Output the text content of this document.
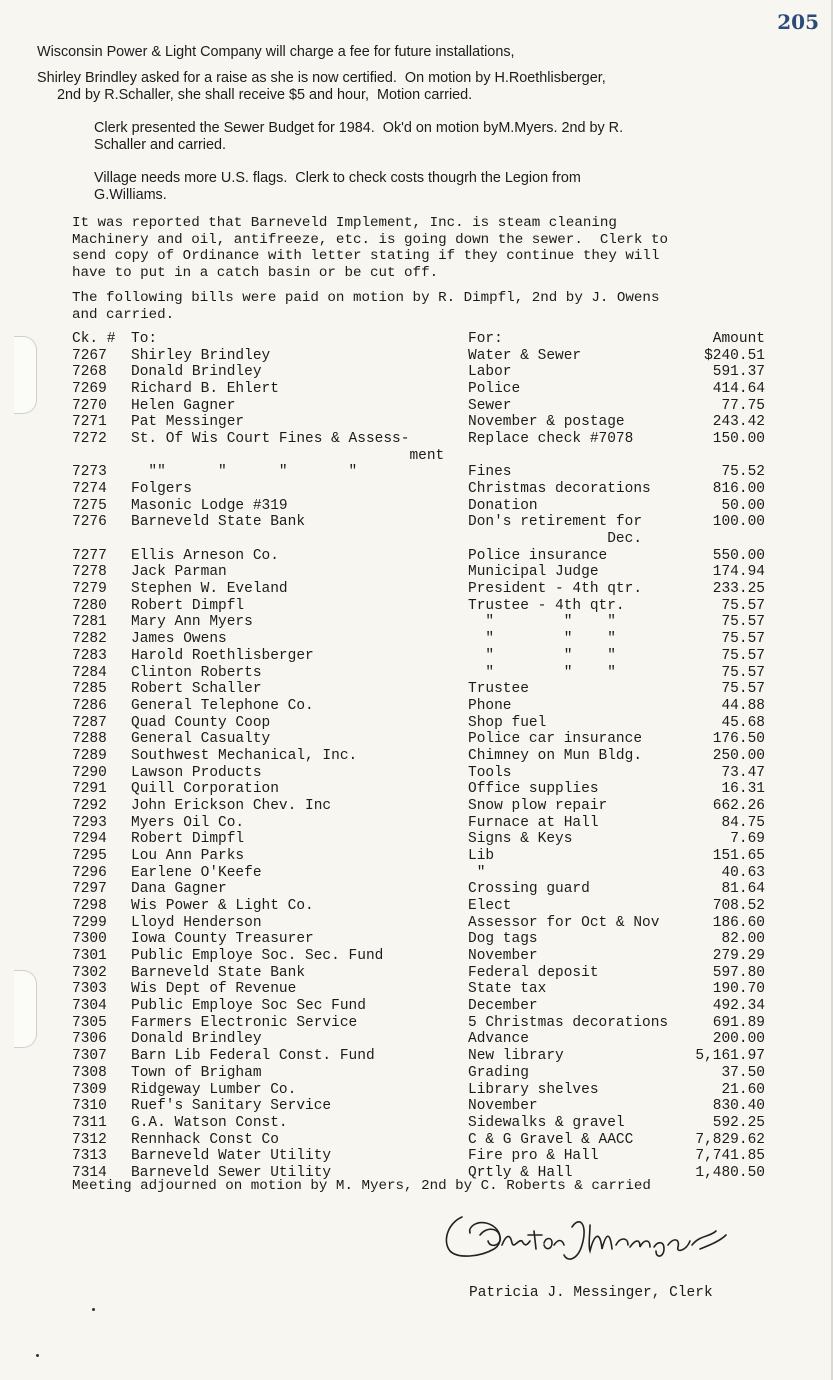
205
Wisconsin Power & Light Company will charge a fee for future installations,
Shirley Brindley asked for a raise as she is now certified.  On motion by H.Roethlisberger,
2nd by R.Schaller, she shall receive $5 and hour,  Motion carried.
Clerk presented the Sewer Budget for 1984.  Ok'd on motion byM.Myers. 2nd by R.
Schaller and carried.
Village needs more U.S. flags.  Clerk to check costs thougrh the Legion from
G.Williams.
It was reported that Barneveld Implement, Inc. is steam cleaning
Machinery and oil, antifreeze, etc. is going down the sewer.  Clerk to
send copy of Ordinance with letter stating if they continue they will
have to put in a catch basin or be cut off.
The following bills were paid on motion by R. Dimpfl, 2nd by J. Owens
and carried.
Ck. # To:	For:	Amount
7267 Shirley Brindley	Water & Sewer	$240.51
7268 Donald Brindley	Labor	591.37
7269 Richard B. Ehlert	Police	414.64
7270 Helen Gagner	Sewer	77.75
7271 Pat Messinger	November & postage	243.42
7272 St. Of Wis Court Fines & Assess-	Replace check #7078	150.00
ment
7273 ""      "      "       "	Fines	75.52
7274 Folgers	Christmas decorations	816.00
7275 Masonic Lodge #319	Donation	50.00
7276 Barneveld State Bank	Don's retirement for	100.00
Dec.
7277 Ellis Arneson Co.	Police insurance	550.00
7278 Jack Parman	Municipal Judge	174.94
7279 Stephen W. Eveland	President - 4th qtr.	233.25
7280 Robert Dimpfl	Trustee - 4th qtr.	75.57
7281 Mary Ann Myers	"        "    "	75.57
7282 James Owens	"        "    "	75.57
7283 Harold Roethlisberger	"        "    "	75.57
7284 Clinton Roberts	"        "    "	75.57
7285 Robert Schaller	Trustee	75.57
7286 General Telephone Co.	Phone	44.88
7287 Quad County Coop	Shop fuel	45.68
7288 General Casualty	Police car insurance	176.50
7289 Southwest Mechanical, Inc.	Chimney on Mun Bldg.	250.00
7290 Lawson Products	Tools	73.47
7291 Quill Corporation	Office supplies	16.31
7292 John Erickson Chev. Inc	Snow plow repair	662.26
7293 Myers Oil Co.	Furnace at Hall	84.75
7294 Robert Dimpfl	Signs & Keys	7.69
7295 Lou Ann Parks	Lib	151.65
7296 Earlene O'Keefe	"	40.63
7297 Dana Gagner	Crossing guard	81.64
7298 Wis Power & Light Co.	Elect	708.52
7299 Lloyd Henderson	Assessor for Oct & Nov	186.60
7300 Iowa County Treasurer	Dog tags	82.00
7301 Public Employe Soc. Sec. Fund	November	279.29
7302 Barneveld State Bank	Federal deposit	597.80
7303 Wis Dept of Revenue	State tax	190.70
7304 Public Employe Soc Sec Fund	December	492.34
7305 Farmers Electronic Service	5 Christmas decorations	691.89
7306 Donald Brindley	Advance	200.00
7307 Barn Lib Federal Const. Fund	New library	5,161.97
7308 Town of Brigham	Grading	37.50
7309 Ridgeway Lumber Co.	Library shelves	21.60
7310 Ruef's Sanitary Service	November	830.40
7311 G.A. Watson Const.	Sidewalks & gravel	592.25
7312 Rennhack Const Co	C & G Gravel & AACC	7,829.62
7313 Barneveld Water Utility	Fire pro & Hall	7,741.85
7314 Barneveld Sewer Utility	Qrtly & Hall	1,480.50
Meeting adjourned on motion by M. Myers, 2nd by C. Roberts & carried
Patricia J. Messinger, Clerk
